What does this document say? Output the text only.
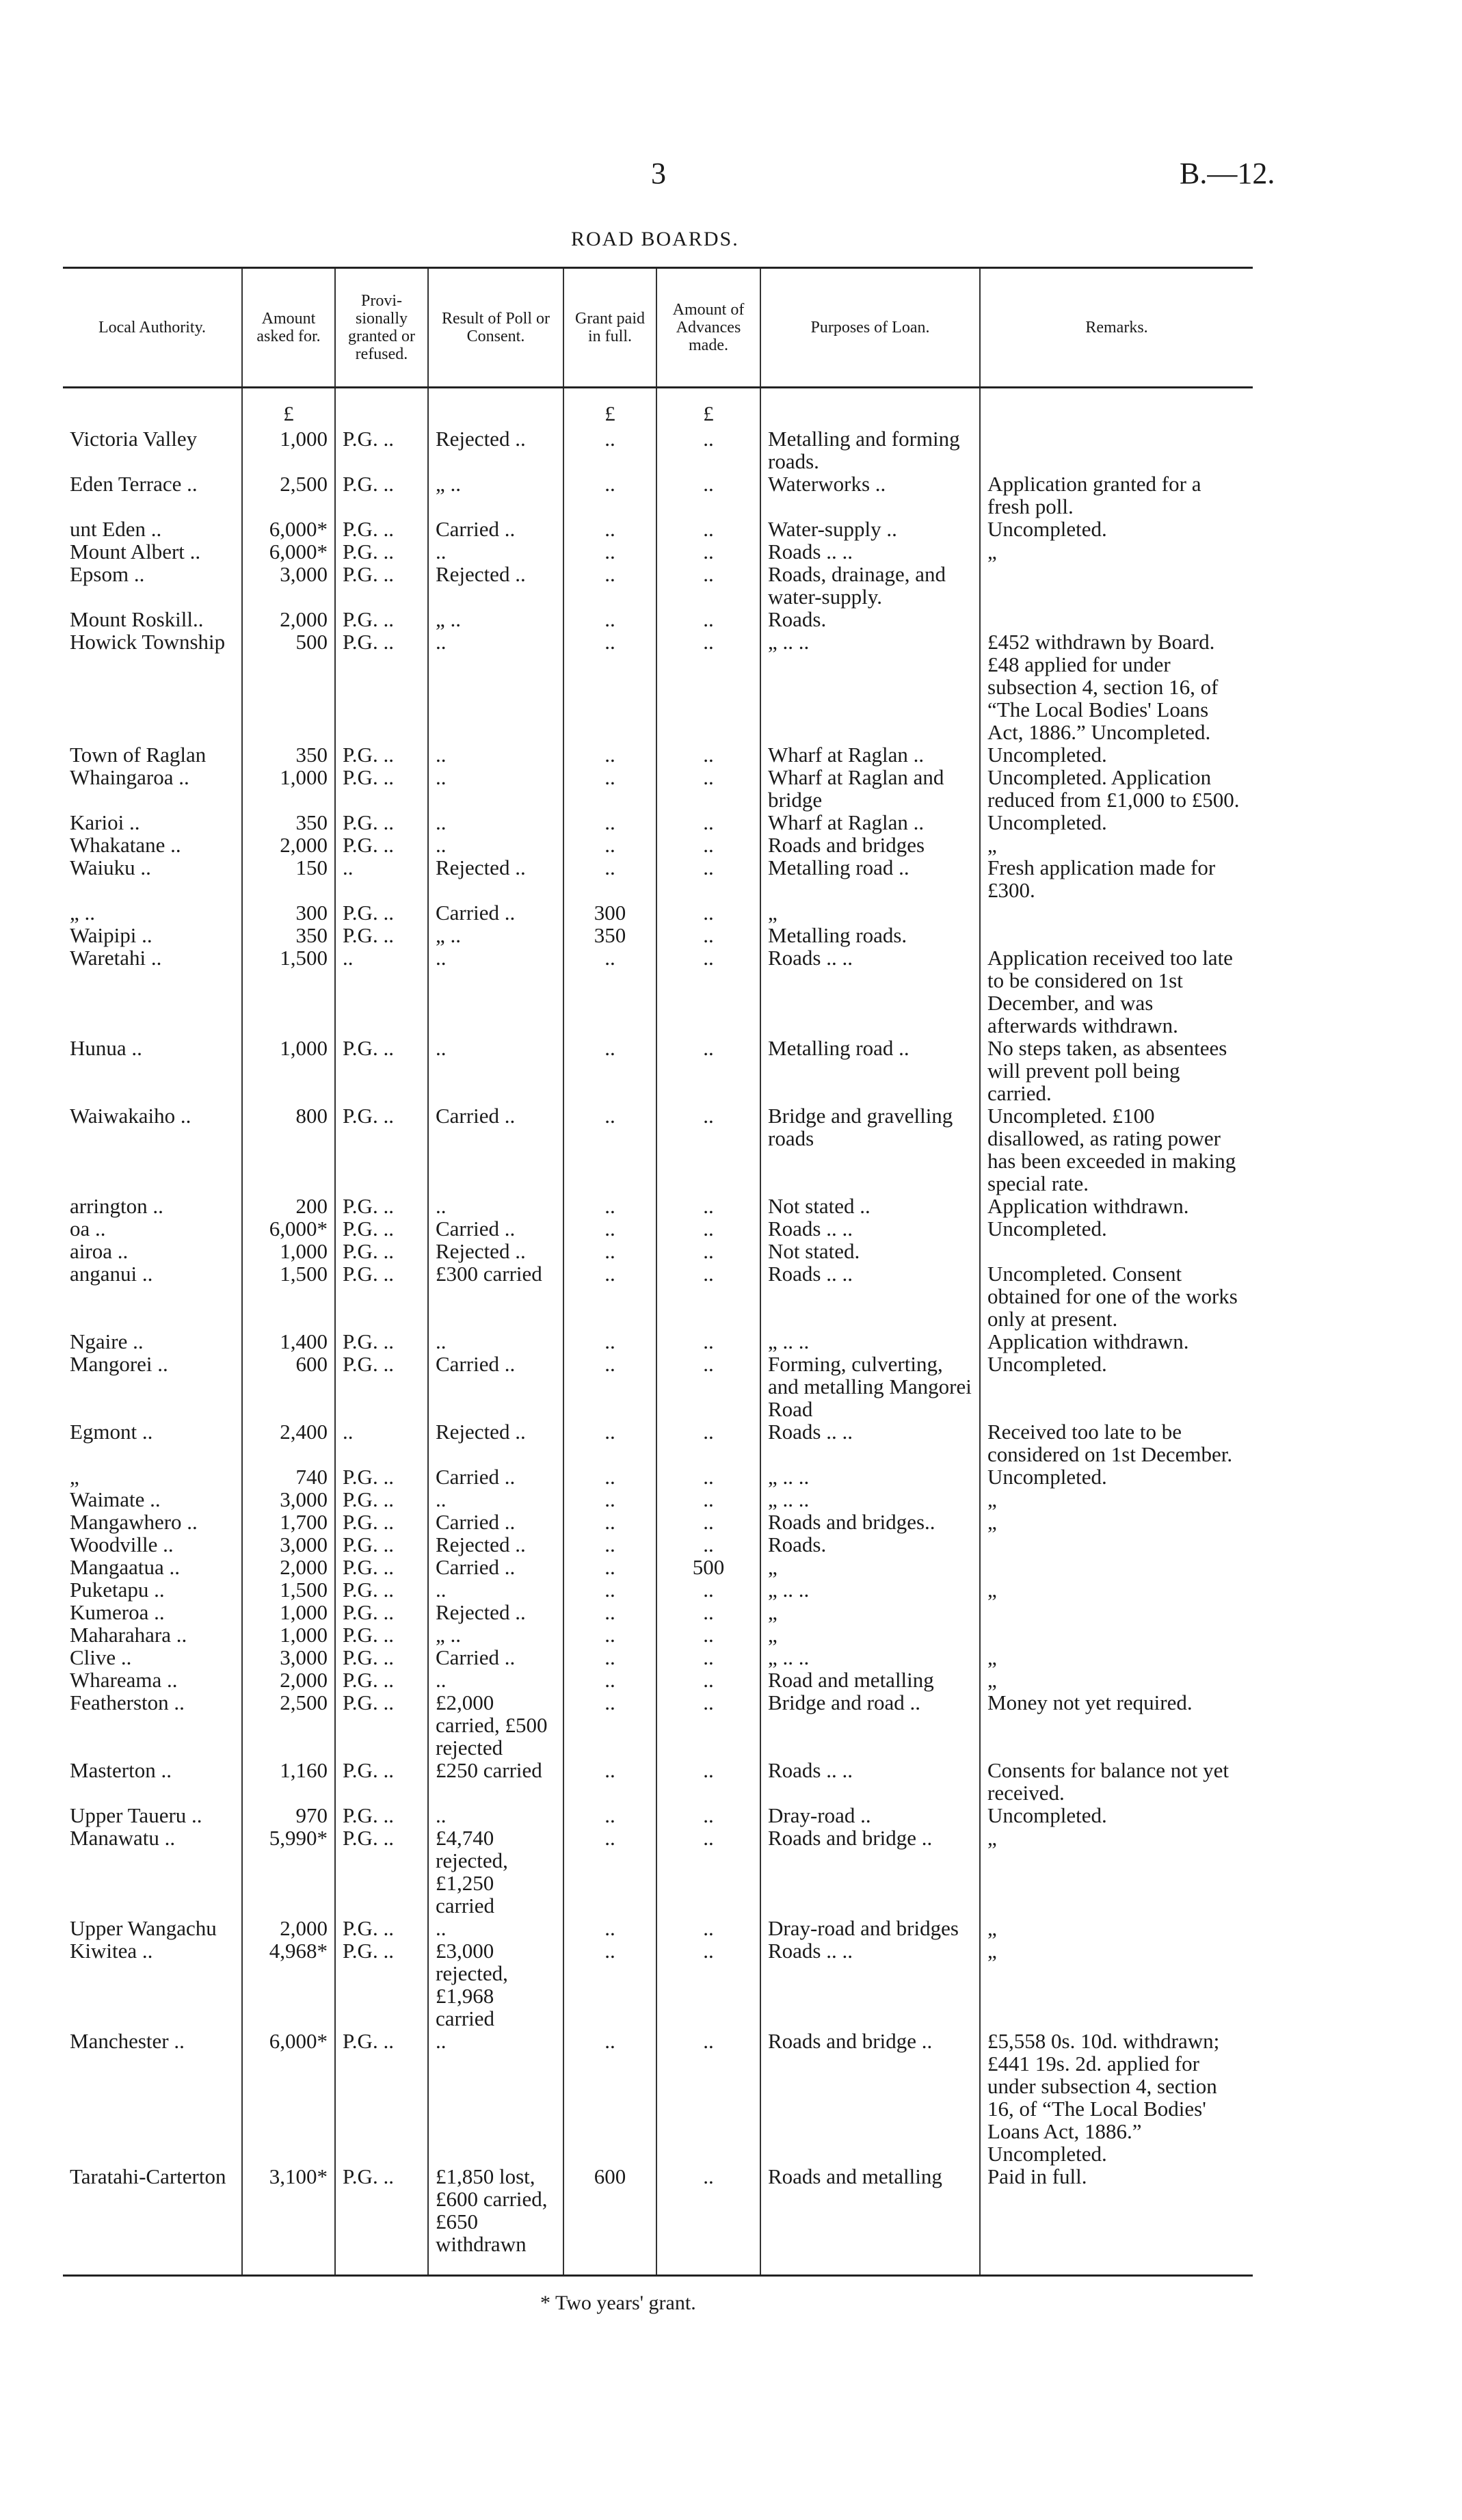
3	B.—12.
ROAD BOARDS.
Local Authority.	Amount asked for.	Provi-sionally granted or refused.	Result of Poll or Consent.	Grant paid in full.	Amount of Advances made.	Purposes of Loan.	Remarks.
	£			£	£		
Victoria Valley	1,000	P.G. ..	Rejected ..	..	..	Metalling and forming roads.	
Eden Terrace ..	2,500	P.G. ..	„ ..	..	..	Waterworks ..	Application granted for a fresh poll.
unt Eden ..	6,000*	P.G. ..	Carried ..	..	..	Water-supply ..	Uncompleted.
Mount Albert ..	6,000*	P.G. ..	..	..	..	Roads .. ..	„
Epsom ..	3,000	P.G. ..	Rejected ..	..	..	Roads, drainage, and water-supply.	
Mount Roskill..	2,000	P.G. ..	„ ..	..	..	Roads.	
Howick Township	500	P.G. ..	..	..	..	„ .. ..	£452 withdrawn by Board. £48 applied for under subsection 4, section 16, of “The Local Bodies' Loans Act, 1886.” Uncompleted.
Town of Raglan	350	P.G. ..	..	..	..	Wharf at Raglan ..	Uncompleted.
Whaingaroa ..	1,000	P.G. ..	..	..	..	Wharf at Raglan and bridge	Uncompleted. Application reduced from £1,000 to £500.
Karioi ..	350	P.G. ..	..	..	..	Wharf at Raglan ..	Uncompleted.
Whakatane ..	2,000	P.G. ..	..	..	..	Roads and bridges	„
Waiuku ..	150	..	Rejected ..	..	..	Metalling road ..	Fresh application made for £300.
„ ..	300	P.G. ..	Carried ..	300	..	„	
Waipipi ..	350	P.G. ..	„ ..	350	..	Metalling roads.	
Waretahi ..	1,500	..	..	..	..	Roads .. ..	Application received too late to be considered on 1st December, and was afterwards withdrawn.
Hunua ..	1,000	P.G. ..	..	..	..	Metalling road ..	No steps taken, as absentees will prevent poll being carried.
Waiwakaiho ..	800	P.G. ..	Carried ..	..	..	Bridge and gravelling roads	Uncompleted. £100 disallowed, as rating power has been exceeded in making special rate.
arrington ..	200	P.G. ..	..	..	..	Not stated ..	Application withdrawn.
oa ..	6,000*	P.G. ..	Carried ..	..	..	Roads .. ..	Uncompleted.
airoa ..	1,000	P.G. ..	Rejected ..	..	..	Not stated.	
anganui ..	1,500	P.G. ..	£300 carried	..	..	Roads .. ..	Uncompleted. Consent obtained for one of the works only at present.
Ngaire ..	1,400	P.G. ..	..	..	..	„ .. ..	Application withdrawn.
Mangorei ..	600	P.G. ..	Carried ..	..	..	Forming, culverting, and metalling Mangorei Road	Uncompleted.
Egmont ..	2,400	..	Rejected ..	..	..	Roads .. ..	Received too late to be considered on 1st December.
„	740	P.G. ..	Carried ..	..	..	„ .. ..	Uncompleted.
Waimate ..	3,000	P.G. ..	..	..	..	„ .. ..	„
Mangawhero ..	1,700	P.G. ..	Carried ..	..	..	Roads and bridges..	„
Woodville ..	3,000	P.G. ..	Rejected ..	..	..	Roads.	
Mangaatua ..	2,000	P.G. ..	Carried ..	..	500	„	
Puketapu ..	1,500	P.G. ..	..	..	..	„ .. ..	„
Kumeroa ..	1,000	P.G. ..	Rejected ..	..	..	„	
Maharahara ..	1,000	P.G. ..	„ ..	..	..	„	
Clive ..	3,000	P.G. ..	Carried ..	..	..	„ .. ..	„
Whareama ..	2,000	P.G. ..	..	..	..	Road and metalling	„
Featherston ..	2,500	P.G. ..	£2,000 carried, £500 rejected	..	..	Bridge and road ..	Money not yet required.
Masterton ..	1,160	P.G. ..	£250 carried	..	..	Roads .. ..	Consents for balance not yet received.
Upper Taueru ..	970	P.G. ..	..	..	..	Dray-road ..	Uncompleted.
Manawatu ..	5,990*	P.G. ..	£4,740 rejected, £1,250 carried	..	..	Roads and bridge ..	„
Upper Wangachu	2,000	P.G. ..	..	..	..	Dray-road and bridges	„
Kiwitea ..	4,968*	P.G. ..	£3,000 rejected, £1,968 carried	..	..	Roads .. ..	„
Manchester ..	6,000*	P.G. ..	..	..	..	Roads and bridge ..	£5,558 0s. 10d. withdrawn; £441 19s. 2d. applied for under subsection 4, section 16, of “The Local Bodies' Loans Act, 1886.” Uncompleted.
Taratahi-Carterton	3,100*	P.G. ..	£1,850 lost, £600 carried, £650 withdrawn	600	..	Roads and metalling	Paid in full.
* Two years' grant.
